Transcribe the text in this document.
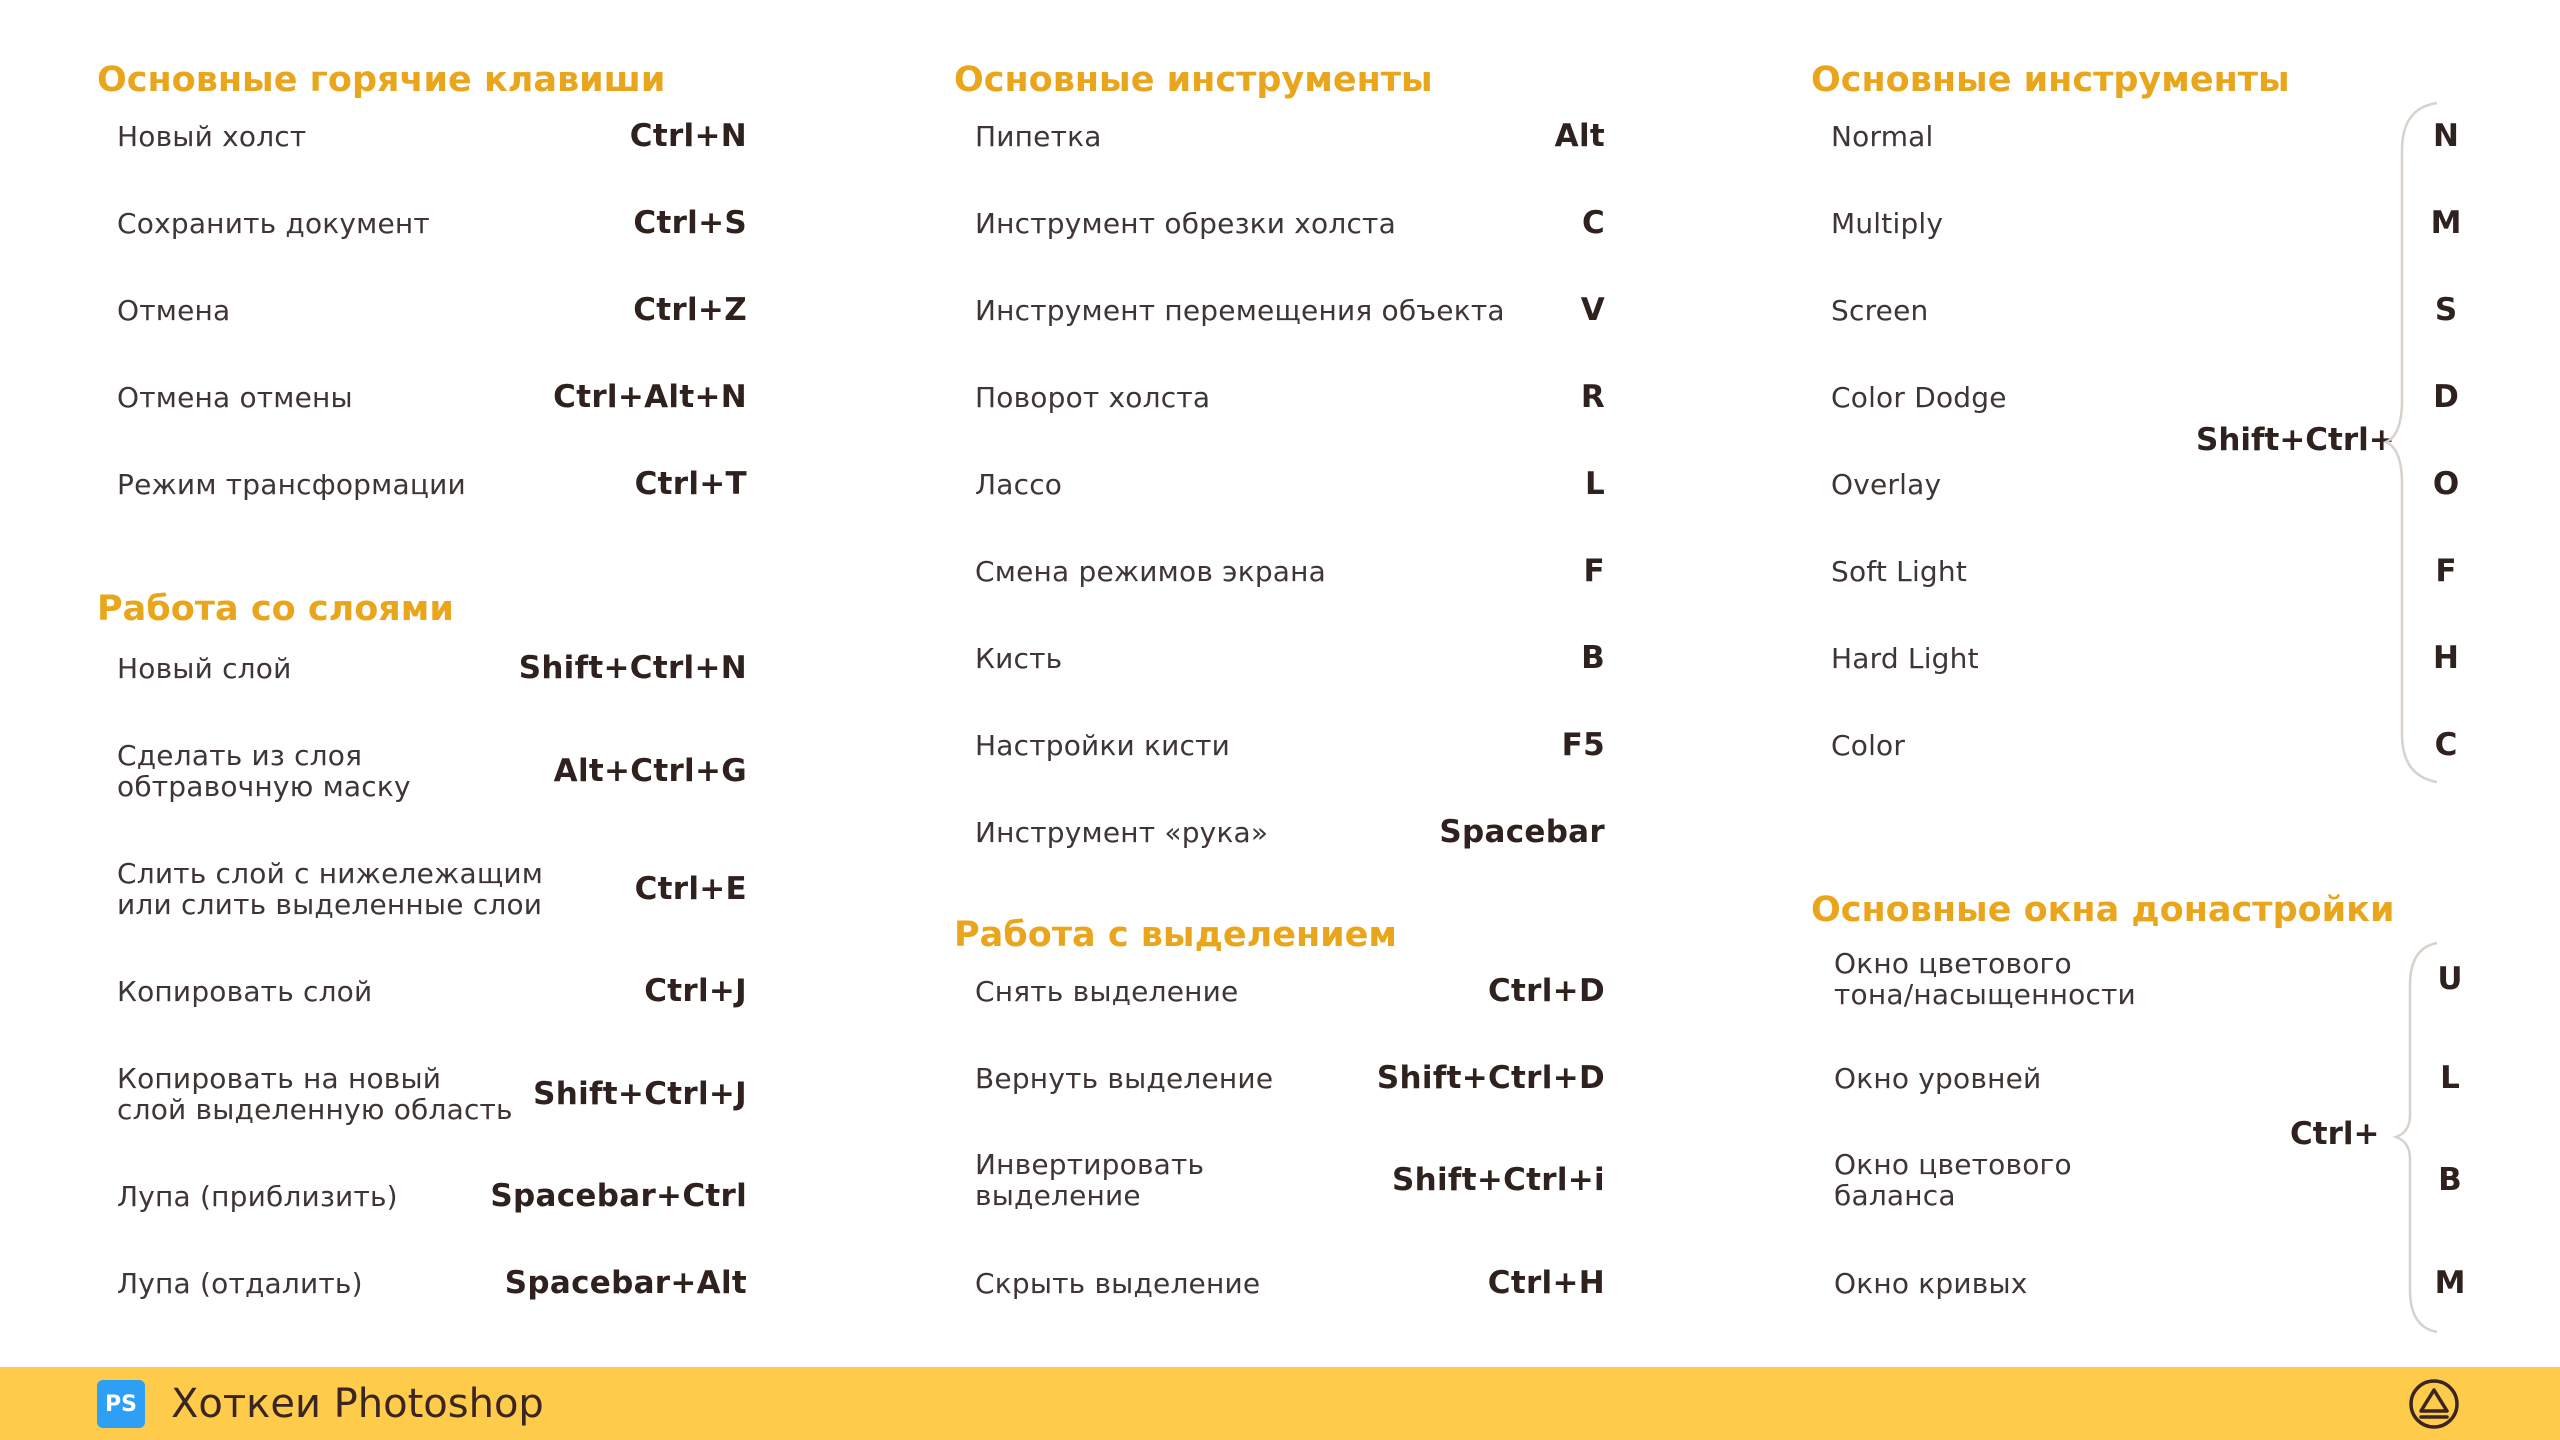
Основные горячие клавиши
Новый холст	Ctrl+N
Сохранить документ	Ctrl+S
Отмена	Ctrl+Z
Отмена отмены	Ctrl+Alt+N
Режим трансформации	Ctrl+T
Работа со слоями
Новый слой	Shift+Ctrl+N
Сделать из слоя
обтравочную маску	Alt+Ctrl+G
Слить слой с нижележащим
или слить выделенные слои	Ctrl+E
Копировать слой	Ctrl+J
Копировать на новый
слой выделенную область Shift+Ctrl+J
Лупа (приблизить)	Spacebar+Ctrl
Лупа (отдалить)	Spacebar+Alt
Основные инструменты
Пипетка	Alt
Инструмент обрезки холста	C
Инструмент перемещения объекта V
Поворот холста	R
Лассо	L
Смена режимов экрана	F
Кисть	B
Настройки кисти	F5
Инструмент «рука»	Spacebar
Работа с выделением
Снять выделение	Ctrl+D
Вернуть выделение	Shift+Ctrl+D
Инвертировать
выделение	Shift+Ctrl+i
Скрыть выделение	Ctrl+H
Основные инструменты
Normal	N
Multiply	M
Screen	S
Color Dodge	D
Overlay	O
Soft Light	F
Hard Light	H
Color	C
Shift+Ctrl+
Основные окна донастройки
Окно цветового
тона/насыщенности	U
Окно уровней	L
Окно цветового
баланса	B
Окно кривых	M
Ctrl+
PS Хоткеи Photoshop
